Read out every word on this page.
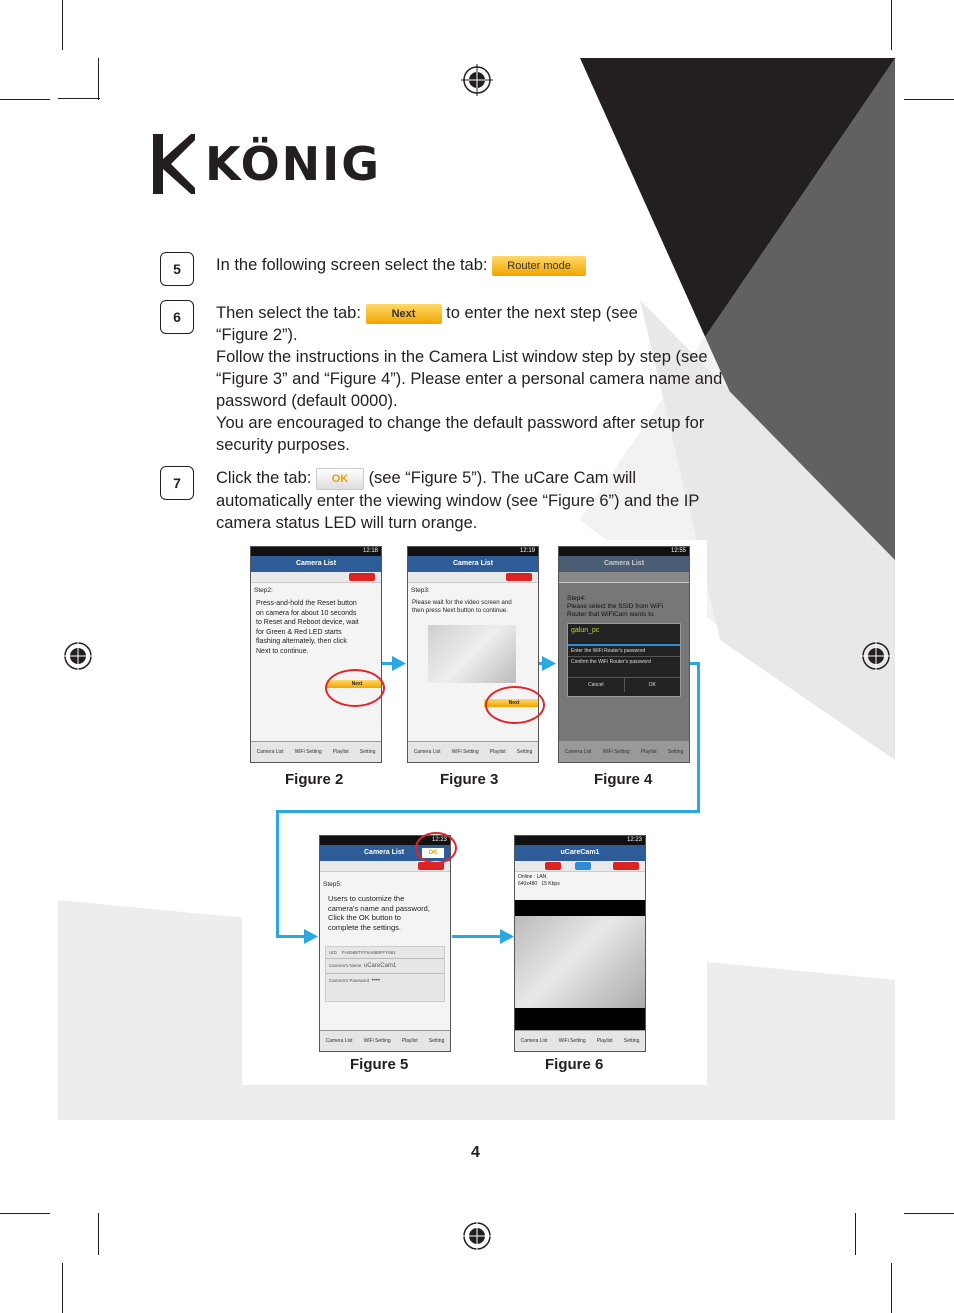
KÖNIG	ENGLISH
5	In the following screen select the tab: Router mode
6	Then select the tab:	Next to enter the next step (see
“Figure 2”).
Follow the instructions in the Camera List window step by step (see
“Figure 3” and “Figure 4”). Please enter a personal camera name and
password (default 0000).
You are encouraged to change the default password after setup for
security purposes.
7	Click the tab: OK (see “Figure 5”). The uCare Cam will
automatically enter the viewing window (see “Figure 6”) and the IP
camera status LED will turn orange.
12:18
Camera List
Step2:
Press-and-hold the Reset button
on camera for about 10 seconds
to Reset and Reboot device, wait
for Green & Red LED starts
flashing alternately, then click
Next to continue.
Next
Camera List WiFi Setting Playlist Setting
Figure 2
12:19
Camera List
Step3:
Please wait for the video screen and
then press Next button to continue.
Next
Camera List WiFi Setting Playlist Setting
Figure 3
12:55
Camera List
Step4:
Please select the SSID from WiFi
Router that WiFiCam wants to
galun_pc
Enter the WiFi Router's password
Confirm the WiFi Router's password
Cancel	OK
Camera List WiFi Setting Playlist Setting
Figure 4
12:23
Camera List	OK
Step5:
Users to customize the
camera's name and password,
Click the OK button to
complete the settings.
UID FH4588TYFSA689FFY661
Camera's Name uCareCam1
Camera's Password ••••
Camera List WiFi Setting Playlist Setting
Figure 5
12:23
uCareCam1
Online : LAN
640x480 15 Kbps
Camera List WiFi Setting Playlist Setting
Figure 6
4
